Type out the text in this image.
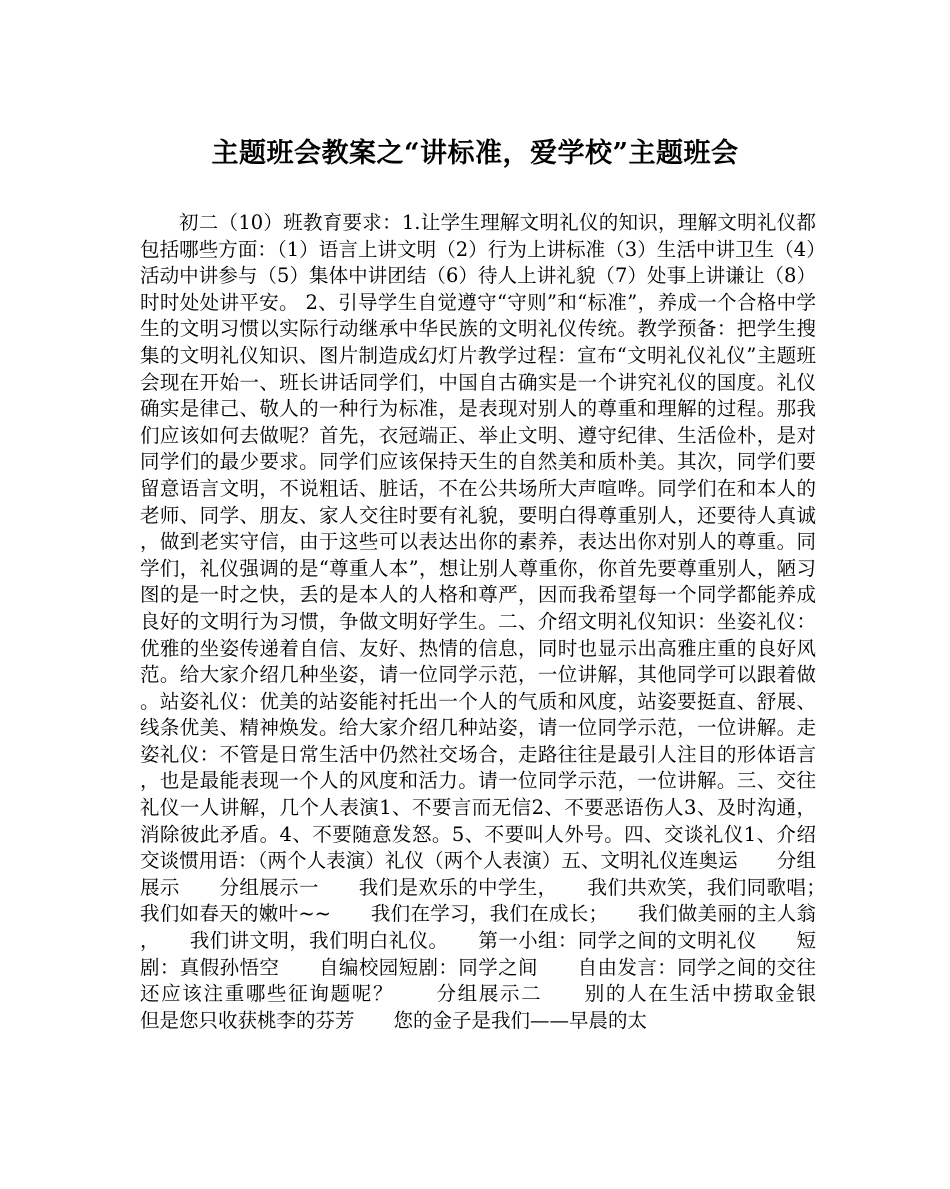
主题班会教案之“讲标准，爱学校”主题班会

初二（10）班教育要求：1.让学生理解文明礼仪的知识，理解文明礼仪都包括哪些方面：（1）语言上讲文明（2）行为上讲标准（3）生活中讲卫生（4）活动中讲参与（5）集体中讲团结（6）待人上讲礼貌（7）处事上讲谦让（8）时时处处讲平安。 2、引导学生自觉遵守“守则”和“标准”，养成一个合格中学生的文明习惯以实际行动继承中华民族的文明礼仪传统。教学预备：把学生搜集的文明礼仪知识、图片制造成幻灯片教学过程：宣布“文明礼仪礼仪”主题班会现在开始一、班长讲话同学们，中国自古确实是一个讲究礼仪的国度。礼仪确实是律己、敬人的一种行为标准，是表现对别人的尊重和理解的过程。那我们应该如何去做呢？首先，衣冠端正、举止文明、遵守纪律、生活俭朴，是对同学们的最少要求。同学们应该保持天生的自然美和质朴美。其次，同学们要留意语言文明，不说粗话、脏话，不在公共场所大声喧哗。同学们在和本人的老师、同学、朋友、家人交往时要有礼貌，要明白得尊重别人，还要待人真诚，做到老实守信，由于这些可以表达出你的素养，表达出你对别人的尊重。同学们，礼仪强调的是“尊重人本”，想让别人尊重你，你首先要尊重别人，陋习图的是一时之快，丢的是本人的人格和尊严，因而我希望每一个同学都能养成良好的文明行为习惯，争做文明好学生。二、介绍文明礼仪知识：坐姿礼仪：优雅的坐姿传递着自信、友好、热情的信息，同时也显示出高雅庄重的良好风范。给大家介绍几种坐姿，请一位同学示范，一位讲解，其他同学可以跟着做。站姿礼仪：优美的站姿能衬托出一个人的气质和风度，站姿要挺直、舒展、线条优美、精神焕发。给大家介绍几种站姿，请一位同学示范，一位讲解。走姿礼仪：不管是日常生活中仍然社交场合，走路往往是最引人注目的形体语言，也是最能表现一个人的风度和活力。请一位同学示范，一位讲解。三、交往礼仪一人讲解，几个人表演1、不要言而无信2、不要恶语伤人3、及时沟通，消除彼此矛盾。4、不要随意发怒。5、不要叫人外号。四、交谈礼仪1、介绍交谈惯用语：（两个人表演）礼仪（两个人表演）五、文明礼仪连奥运　　分组展示　　分组展示一　　我们是欢乐的中学生，　　我们共欢笑，我们同歌唱；　　我们如春天的嫩叶~~　　我们在学习，我们在成长；　　我们做美丽的主人翁，　　我们讲文明，我们明白礼仪。　　第一小组：同学之间的文明礼仪　　短剧：真假孙悟空　　自编校园短剧：同学之间　　自由发言：同学之间的交往还应该注重哪些征询题呢？　　分组展示二　　别的人在生活中捞取金银　　但是您只收获桃李的芬芳　　您的金子是我们——早晨的太
